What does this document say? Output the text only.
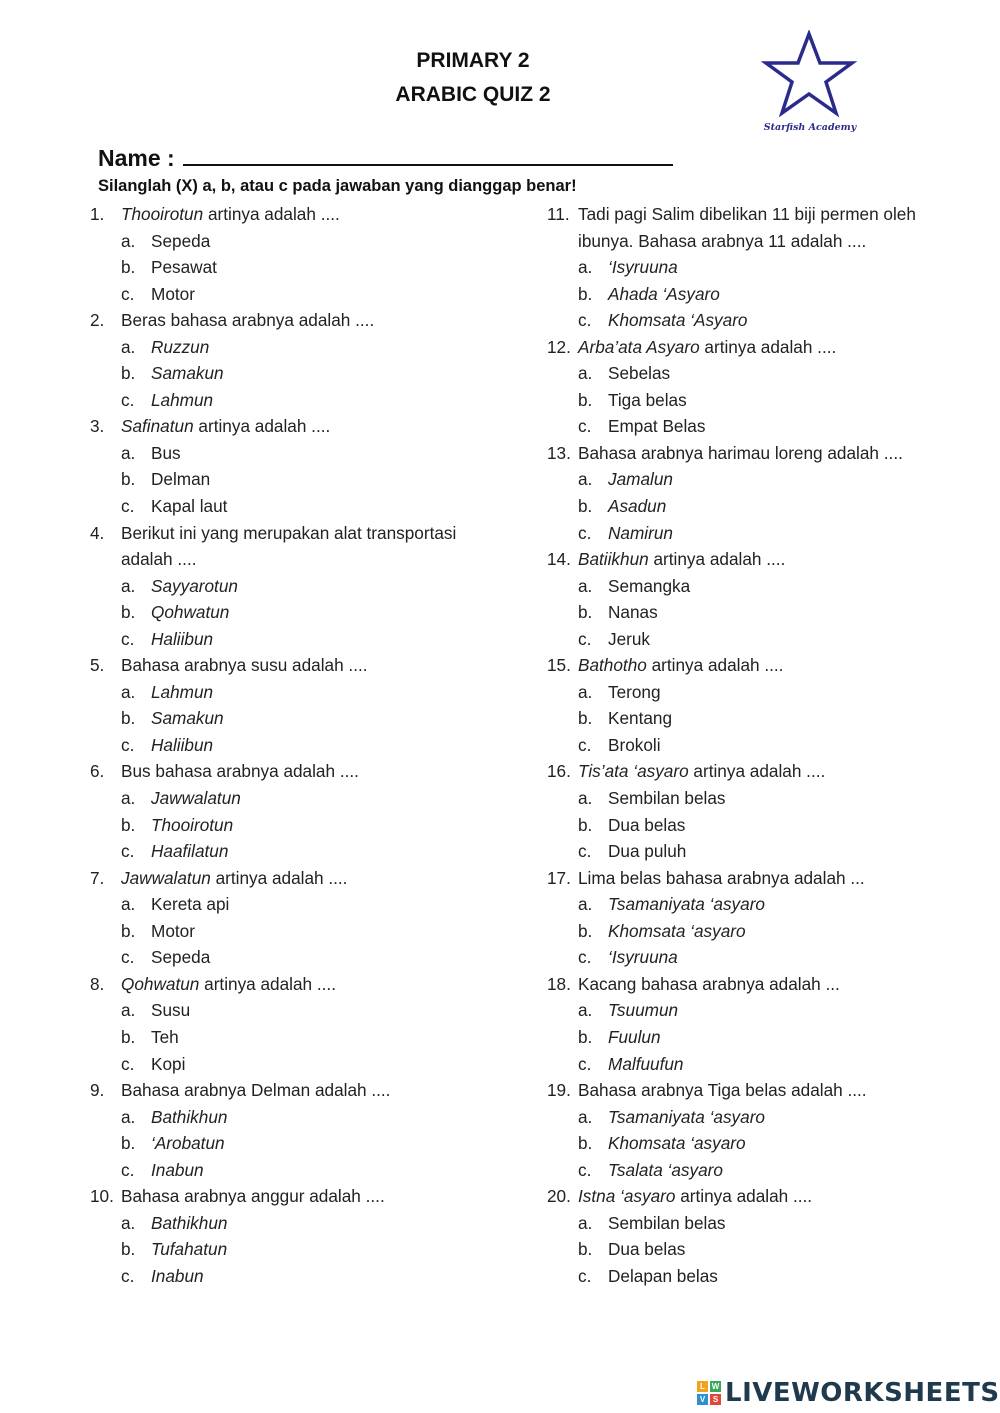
PRIMARY 2
ARABIC QUIZ 2
Starfish Academy
Name :
Silanglah (X) a, b, atau c pada jawaban yang dianggap benar!
1. Thooirotun artinya adalah ....
a. Sepeda
b. Pesawat
c. Motor
2. Beras bahasa arabnya adalah ....
a. Ruzzun
b. Samakun
c. Lahmun
3. Safinatun artinya adalah ....
a. Bus
b. Delman
c. Kapal laut
4. Berikut ini yang merupakan alat transportasi adalah ....
a. Sayyarotun
b. Qohwatun
c. Haliibun
5. Bahasa arabnya susu adalah ....
a. Lahmun
b. Samakun
c. Haliibun
6. Bus bahasa arabnya adalah ....
a. Jawwalatun
b. Thooirotun
c. Haafilatun
7. Jawwalatun artinya adalah ....
a. Kereta api
b. Motor
c. Sepeda
8. Qohwatun artinya adalah ....
a. Susu
b. Teh
c. Kopi
9. Bahasa arabnya Delman adalah ....
a. Bathikhun
b. ‘Arobatun
c. Inabun
10. Bahasa arabnya anggur adalah ....
a. Bathikhun
b. Tufahatun
c. Inabun
11. Tadi pagi Salim dibelikan 11 biji permen oleh ibunya. Bahasa arabnya 11 adalah ....
a. ‘Isyruuna
b. Ahada ‘Asyaro
c. Khomsata ‘Asyaro
12. Arba’ata Asyaro artinya adalah ....
a. Sebelas
b. Tiga belas
c. Empat Belas
13. Bahasa arabnya harimau loreng adalah ....
a. Jamalun
b. Asadun
c. Namirun
14. Batiikhun artinya adalah ....
a. Semangka
b. Nanas
c. Jeruk
15. Bathotho artinya adalah ....
a. Terong
b. Kentang
c. Brokoli
16. Tis’ata ‘asyaro artinya adalah ....
a. Sembilan belas
b. Dua belas
c. Dua puluh
17. Lima belas bahasa arabnya adalah ...
a. Tsamaniyata ‘asyaro
b. Khomsata ‘asyaro
c. ‘Isyruuna
18. Kacang bahasa arabnya adalah ...
a. Tsuumun
b. Fuulun
c. Malfuufun
19. Bahasa arabnya Tiga belas adalah ....
a. Tsamaniyata ‘asyaro
b. Khomsata ‘asyaro
c. Tsalata ‘asyaro
20. Istna ‘asyaro artinya adalah ....
a. Sembilan belas
b. Dua belas
c. Delapan belas
L W
V S LIVEWORKSHEETS
